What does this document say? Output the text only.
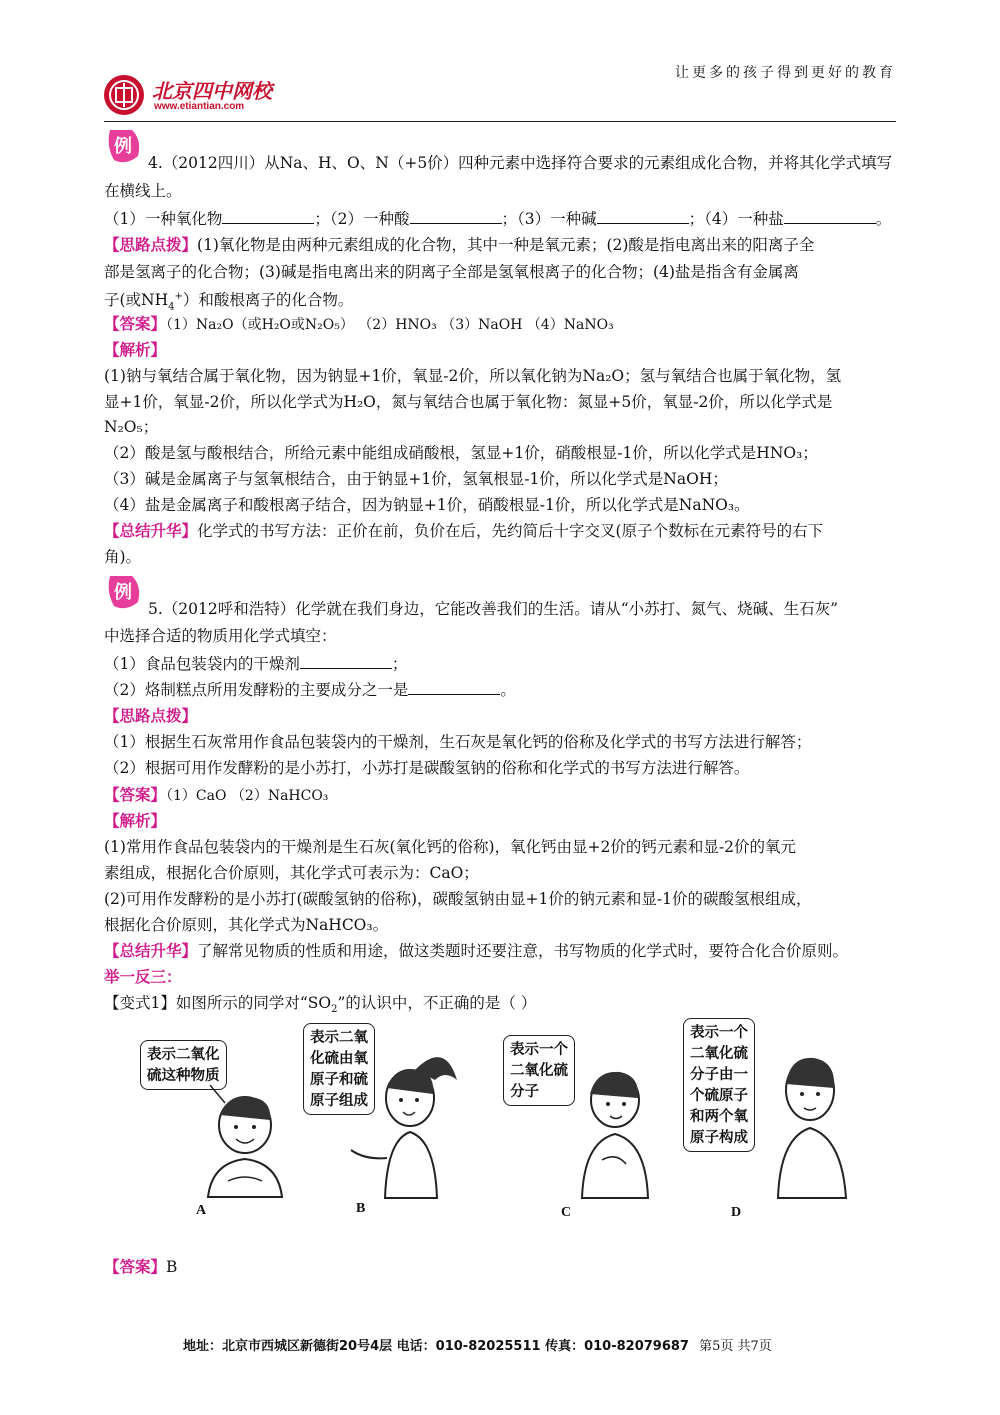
让更多的孩子得到更好的教育
北京四中网校
www.etiantian.com
例
4.（2012四川）从Na、H、O、N（+5价）四种元素中选择符合要求的元素组成化合物，并将其化学式填写
在横线上。
（1）一种氧化物	；（2）一种酸	；（3）一种碱	；（4）一种盐	。
【思路点拨】(1)氧化物是由两种元素组成的化合物，其中一种是氧元素；(2)酸是指电离出来的阳离子全
部是氢离子的化合物；(3)碱是指电离出来的阴离子全部是氢氧根离子的化合物；(4)盐是指含有金属离
子(或$NH_4^+$）和酸根离子的化合物。
【答案】（1）Na₂O（或H₂O或N₂O₅） （2）HNO₃ （3）NaOH （4）NaNO₃
【解析】
(1)钠与氧结合属于氧化物，因为钠显+1价，氧显-2价，所以氧化钠为Na₂O；氢与氧结合也属于氧化物，氢
显+1价，氧显-2价，所以化学式为H₂O，氮与氧结合也属于氧化物：氮显+5价，氧显-2价，所以化学式是
N₂O₅；
（2）酸是氢与酸根结合，所给元素中能组成硝酸根，氢显+1价，硝酸根显-1价，所以化学式是HNO₃；
（3）碱是金属离子与氢氧根结合，由于钠显+1价，氢氧根显-1价，所以化学式是NaOH；
（4）盐是金属离子和酸根离子结合，因为钠显+1价，硝酸根显-1价，所以化学式是NaNO₃。
【总结升华】化学式的书写方法：正价在前，负价在后，先约简后十字交叉(原子个数标在元素符号的右下
角)。
例
5.（2012呼和浩特）化学就在我们身边，它能改善我们的生活。请从“小苏打、氮气、烧碱、生石灰”
中选择合适的物质用化学式填空：
（1）食品包装袋内的干燥剂	；
（2）烙制糕点所用发酵粉的主要成分之一是	。
【思路点拨】
（1）根据生石灰常用作食品包装袋内的干燥剂，生石灰是氧化钙的俗称及化学式的书写方法进行解答；
（2）根据可用作发酵粉的是小苏打，小苏打是碳酸氢钠的俗称和化学式的书写方法进行解答。
【答案】（1）CaO （2）NaHCO₃
【解析】
(1)常用作食品包装袋内的干燥剂是生石灰(氧化钙的俗称)，氧化钙由显+2价的钙元素和显-2价的氧元
素组成，根据化合价原则，其化学式可表示为：CaO；
(2)可用作发酵粉的是小苏打(碳酸氢钠的俗称)，碳酸氢钠由显+1价的钠元素和显-1价的碳酸氢根组成，
根据化合价原则，其化学式为NaHCO₃。
【总结升华】了解常见物质的性质和用途，做这类题时还要注意，书写物质的化学式时，要符合化合价原则。
举一反三：
【变式1】如图所示的同学对“$SO_2$”的认识中，不正确的是（ ）
表示二氧化
硫这种物质
A
表示二氧
化硫由氧
原子和硫
原子组成
B
表示一个
二氧化硫
分子
C
表示一个
二氧化硫
分子由一
个硫原子
和两个氧
原子构成
D
【答案】B
地址：北京市西城区新德街20号4层 电话：010-82025511 传真：010-82079687 第5页 共7页
